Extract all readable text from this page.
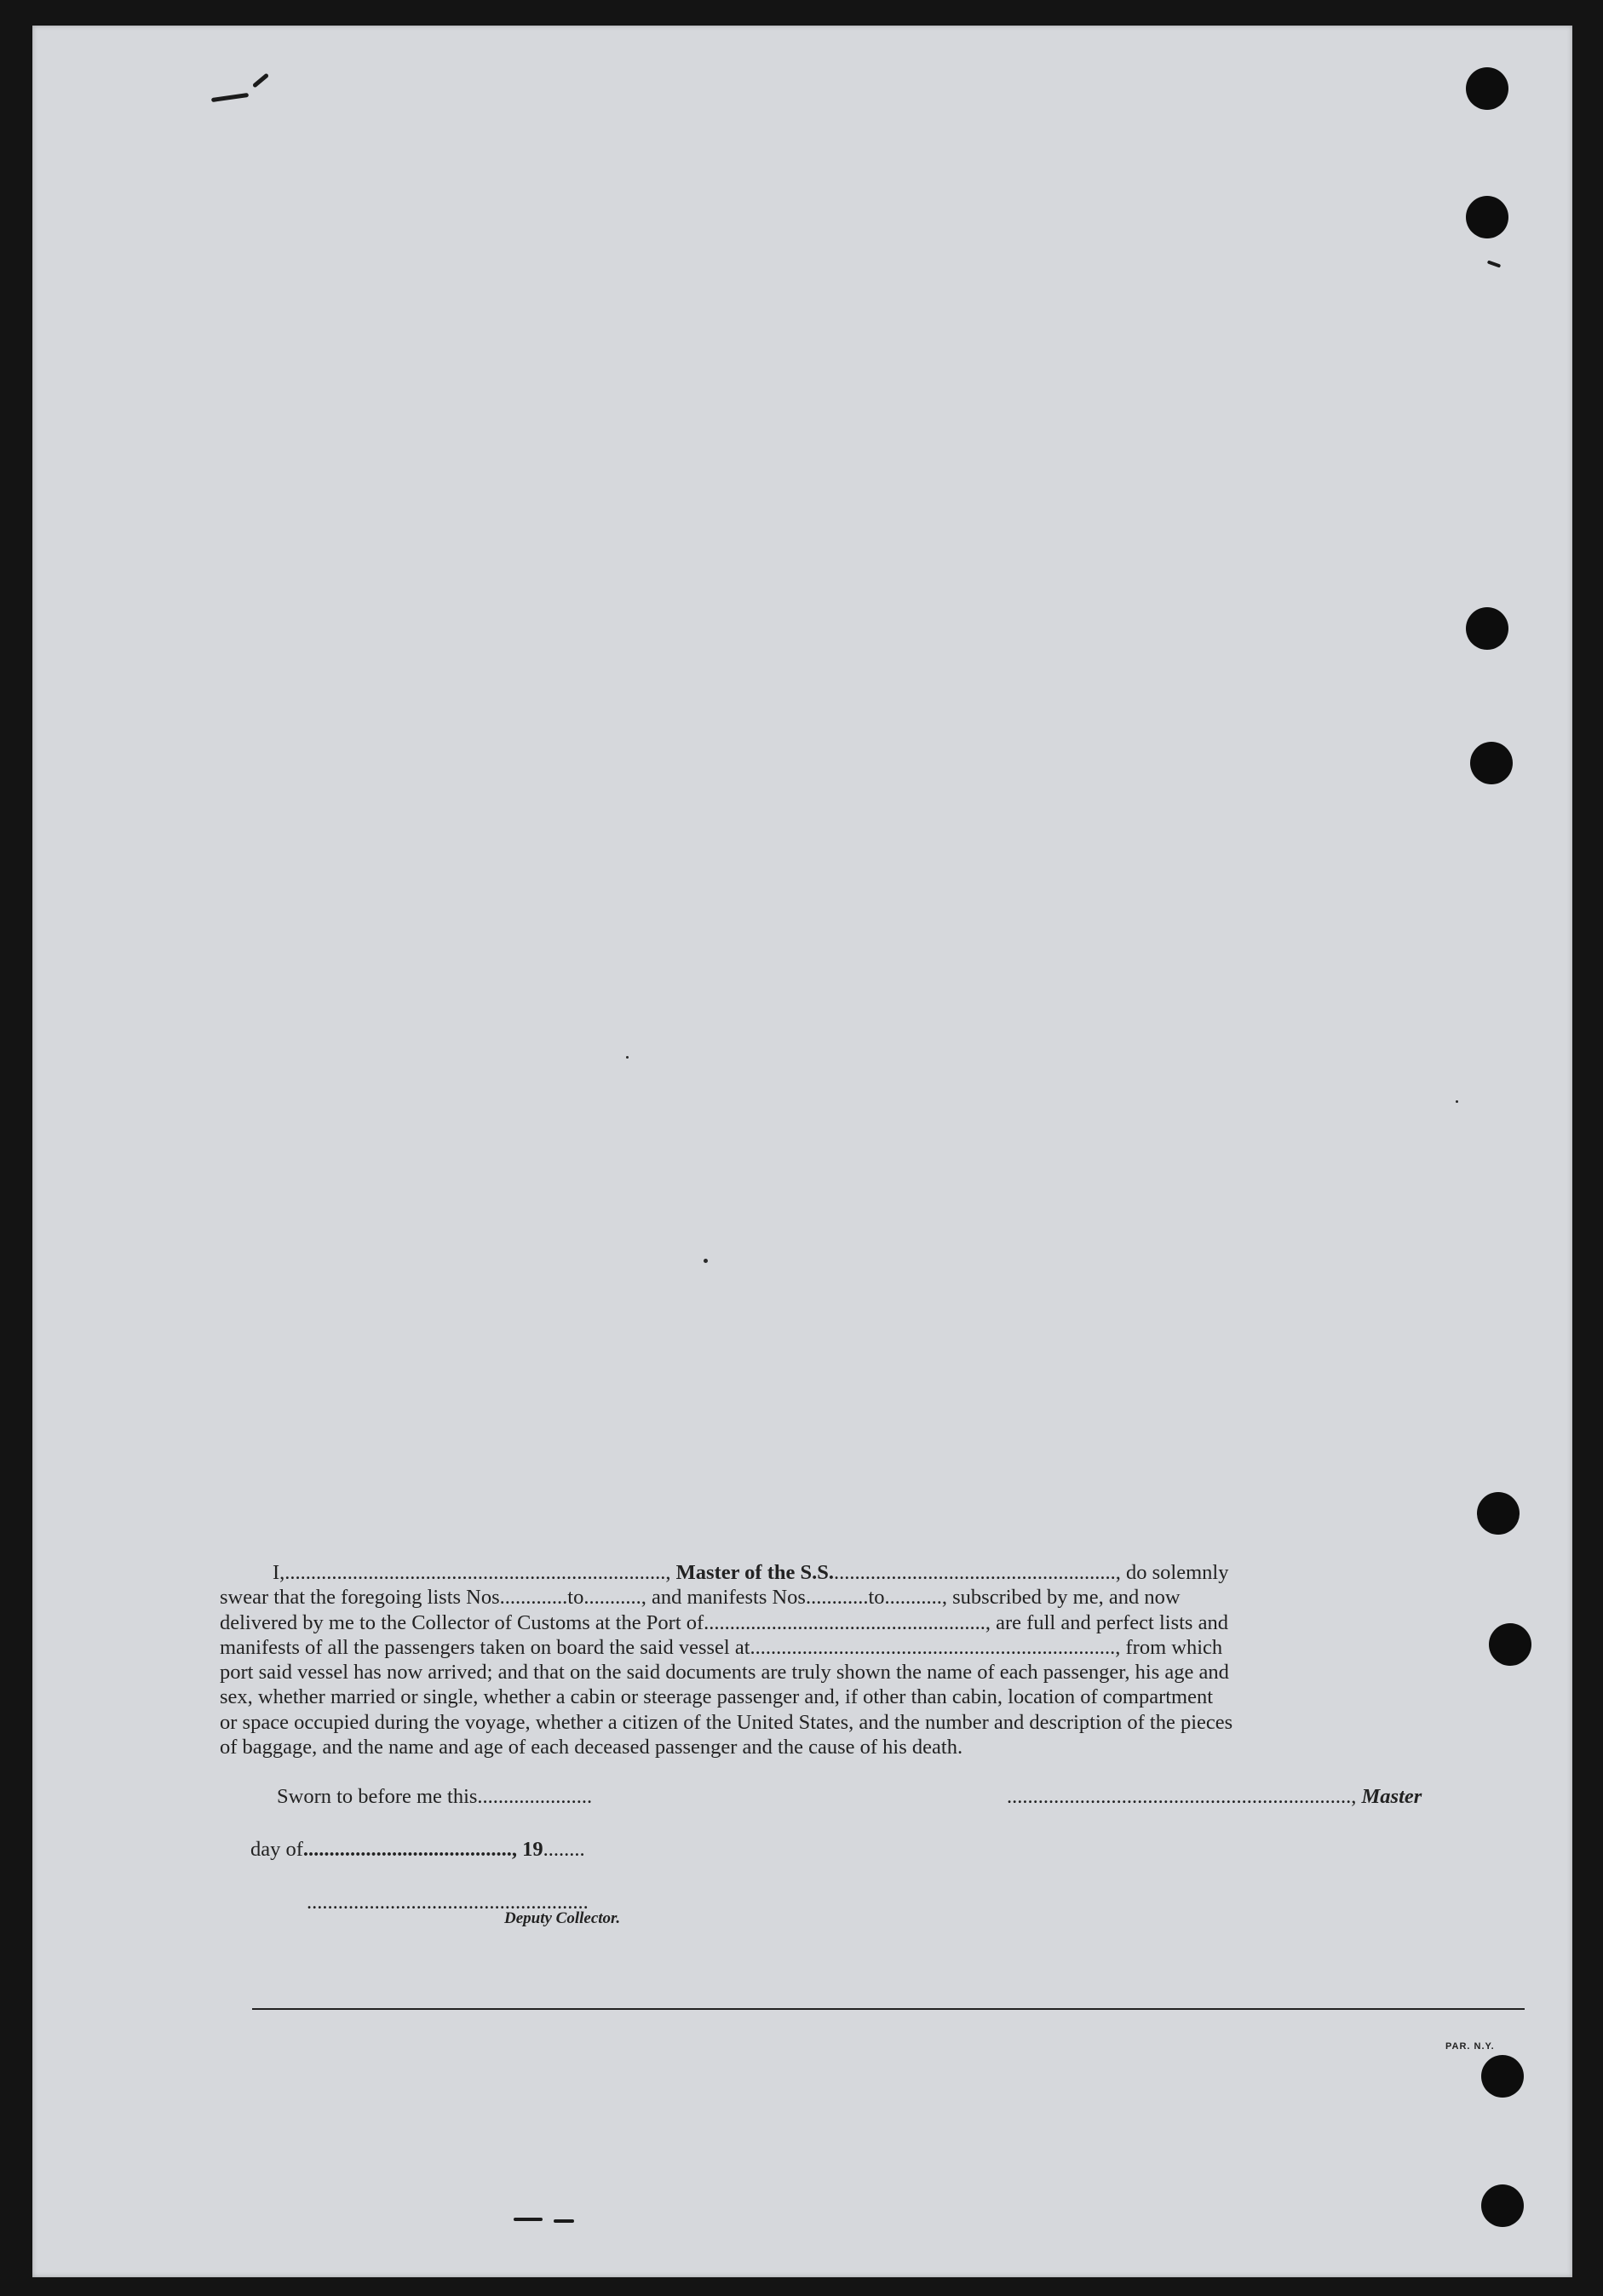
I,........................................................................., Master of the S.S......................................................., do solemnly
swear that the foregoing lists Nos.............to..........., and manifests Nos............to..........., subscribed by me, and now
delivered by me to the Collector of Customs at the Port of......................................................, are full and perfect lists and
manifests of all the passengers taken on board the said vessel at......................................................................, from which
port said vessel has now arrived; and that on the said documents are truly shown the name of each passenger, his age and
sex, whether married or single, whether a cabin or steerage passenger and, if other than cabin, location of compartment
or space occupied during the voyage, whether a citizen of the United States, and the number and description of the pieces
of baggage, and the name and age of each deceased passenger and the cause of his death.
Sworn to before me this......................	.................................................................., Master
day of........................................, 19........
......................................................
Deputy Collector.
PAR. N.Y.
